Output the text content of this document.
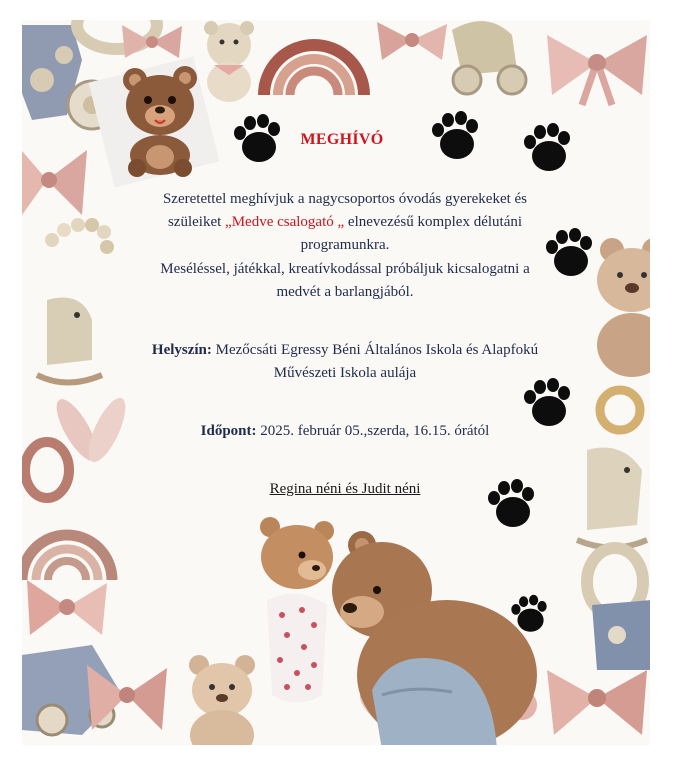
MEGHÍVÓ
Szeretettel meghívjuk a nagycsoportos óvodás gyerekeket és szüleiket „Medve csalogató „ elnevezésű komplex délutáni programunkra.
Meséléssel, játékkal, kreatívkodással próbáljuk kicsalogatni a medvét a barlangjából.
Helyszín: Mezőcsáti Egressy Béni Általános Iskola és Alapfokú Művészeti Iskola aulája
Időpont: 2025. február 05.,szerda, 16.15. órától
Regina néni és Judit néni
